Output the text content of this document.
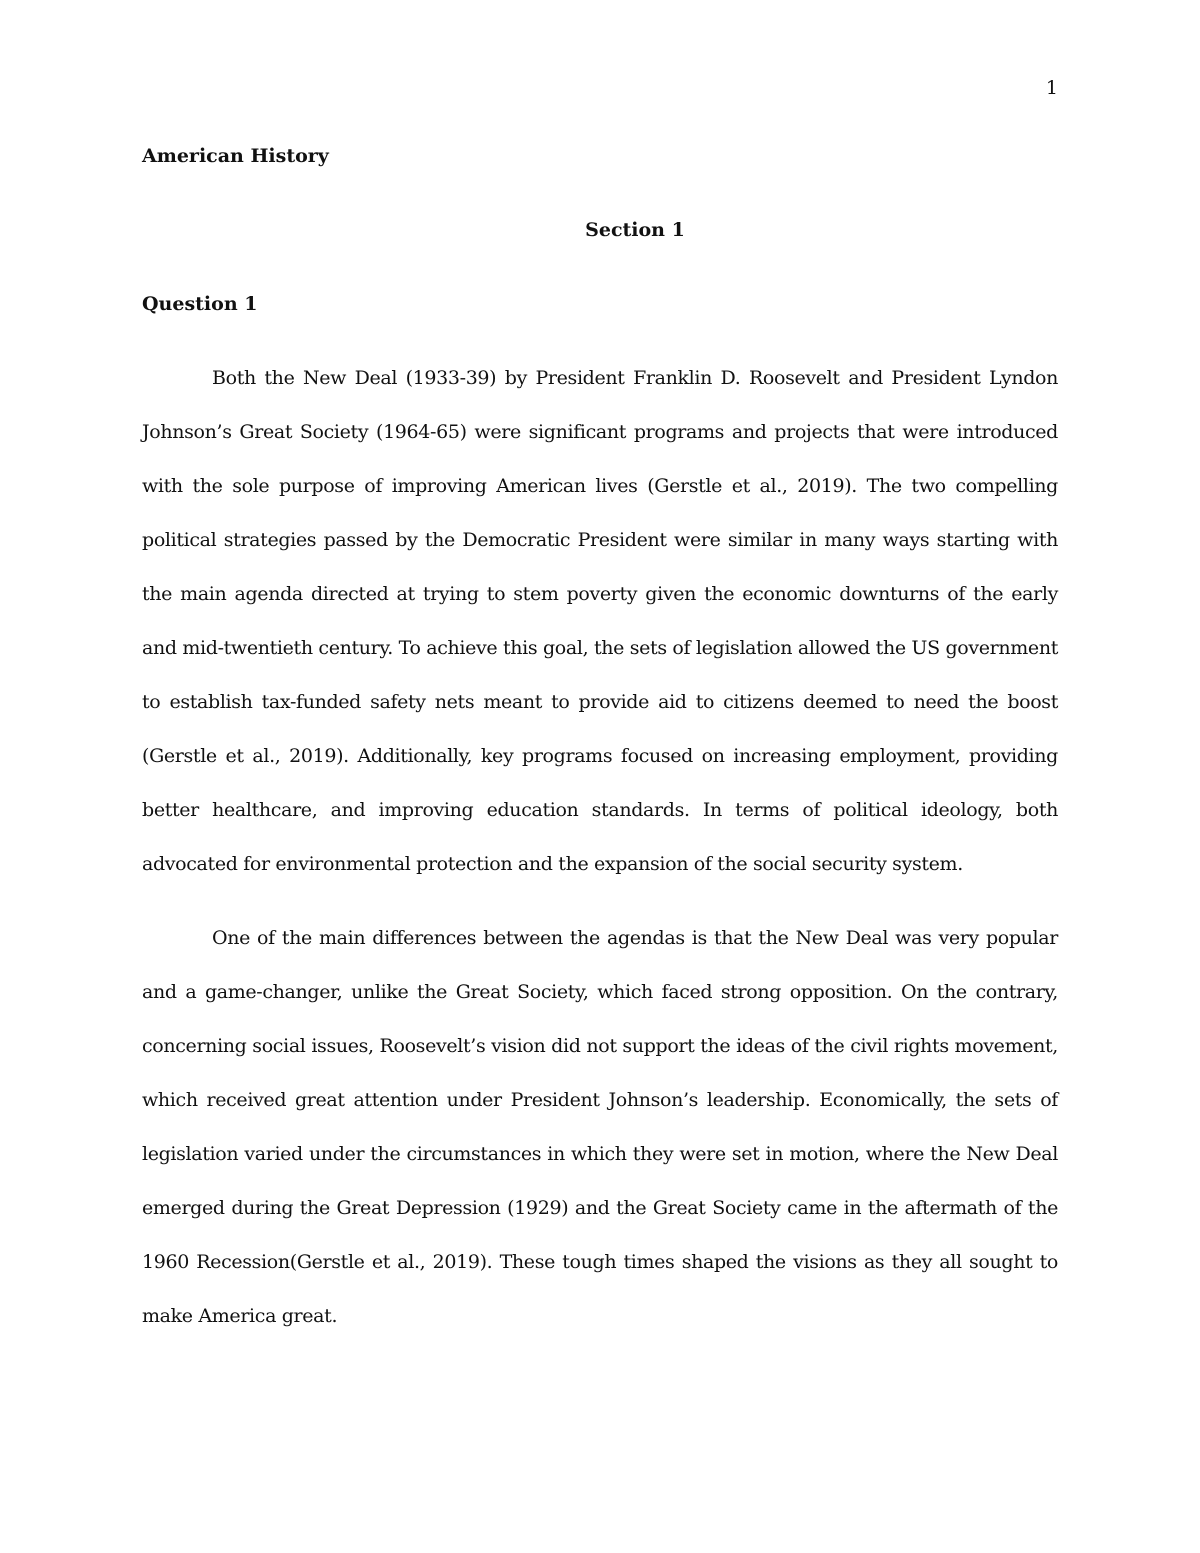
1
American History
Section 1
Question 1

Both the New Deal (1933-39) by President Franklin D. Roosevelt and President Lyndon Johnson’s Great Society (1964-65) were significant programs and projects that were introduced with the sole purpose of improving American lives (Gerstle et al., 2019). The two compelling political strategies passed by the Democratic President were similar in many ways starting with the main agenda directed at trying to stem poverty given the economic downturns of the early and mid-twentieth century. To achieve this goal, the sets of legislation allowed the US government to establish tax-funded safety nets meant to provide aid to citizens deemed to need the boost (Gerstle et al., 2019). Additionally, key programs focused on increasing employment, providing better healthcare, and improving education standards. In terms of political ideology, both advocated for environmental protection and the expansion of the social security system.

One of the main differences between the agendas is that the New Deal was very popular and a game-changer, unlike the Great Society, which faced strong opposition. On the contrary, concerning social issues, Roosevelt’s vision did not support the ideas of the civil rights movement, which received great attention under President Johnson’s leadership. Economically, the sets of legislation varied under the circumstances in which they were set in motion, where the New Deal emerged during the Great Depression (1929) and the Great Society came in the aftermath of the 1960 Recession(Gerstle et al., 2019). These tough times shaped the visions as they all sought to make America great.
